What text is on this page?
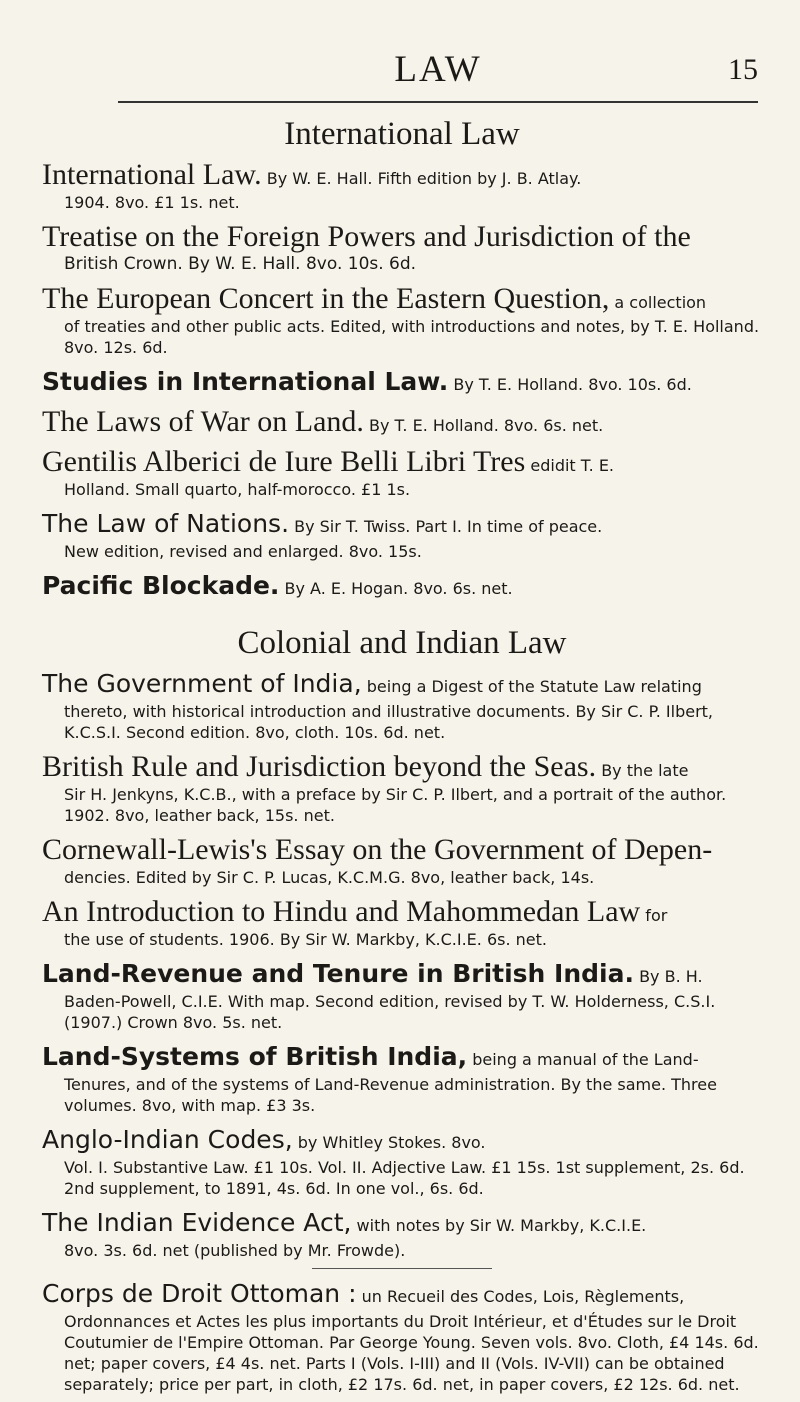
LAW	15
International Law
International Law. By W. E. Hall. Fifth edition by J. B. Atlay.
1904. 8vo. £1 1s. net.
Treatise on the Foreign Powers and Jurisdiction of the
British Crown. By W. E. Hall. 8vo. 10s. 6d.
The European Concert in the Eastern Question, a collection
of treaties and other public acts. Edited, with introductions and notes, by T. E. Holland. 8vo. 12s. 6d.
Studies in International Law. By T. E. Holland. 8vo. 10s. 6d.
The Laws of War on Land. By T. E. Holland. 8vo. 6s. net.
Gentilis Alberici de Iure Belli Libri Tres edidit T. E.
Holland. Small quarto, half-morocco. £1 1s.
The Law of Nations. By Sir T. Twiss. Part I. In time of peace.
New edition, revised and enlarged. 8vo. 15s.
Pacific Blockade. By A. E. Hogan. 8vo. 6s. net.
Colonial and Indian Law
The Government of India, being a Digest of the Statute Law relating
thereto, with historical introduction and illustrative documents. By Sir C. P. Ilbert, K.C.S.I. Second edition. 8vo, cloth. 10s. 6d. net.
British Rule and Jurisdiction beyond the Seas. By the late
Sir H. Jenkyns, K.C.B., with a preface by Sir C. P. Ilbert, and a portrait of the author. 1902. 8vo, leather back, 15s. net.
Cornewall-Lewis's Essay on the Government of Depen-
dencies. Edited by Sir C. P. Lucas, K.C.M.G. 8vo, leather back, 14s.
An Introduction to Hindu and Mahommedan Law for
the use of students. 1906. By Sir W. Markby, K.C.I.E. 6s. net.
Land-Revenue and Tenure in British India. By B. H.
Baden-Powell, C.I.E. With map. Second edition, revised by T. W. Holderness, C.S.I. (1907.) Crown 8vo. 5s. net.
Land-Systems of British India, being a manual of the Land-
Tenures, and of the systems of Land-Revenue administration. By the same. Three volumes. 8vo, with map. £3 3s.
Anglo-Indian Codes, by Whitley Stokes. 8vo.
Vol. I. Substantive Law. £1 10s. Vol. II. Adjective Law. £1 15s. 1st supplement, 2s. 6d. 2nd supplement, to 1891, 4s. 6d. In one vol., 6s. 6d.
The Indian Evidence Act, with notes by Sir W. Markby, K.C.I.E.
8vo. 3s. 6d. net (published by Mr. Frowde).
Corps de Droit Ottoman : un Recueil des Codes, Lois, Règlements,
Ordonnances et Actes les plus importants du Droit Intérieur, et d'Études sur le Droit Coutumier de l'Empire Ottoman. Par George Young. Seven vols. 8vo. Cloth, £4 14s. 6d. net; paper covers, £4 4s. net. Parts I (Vols. I-III) and II (Vols. IV-VII) can be obtained separately; price per part, in cloth, £2 17s. 6d. net, in paper covers, £2 12s. 6d. net.
